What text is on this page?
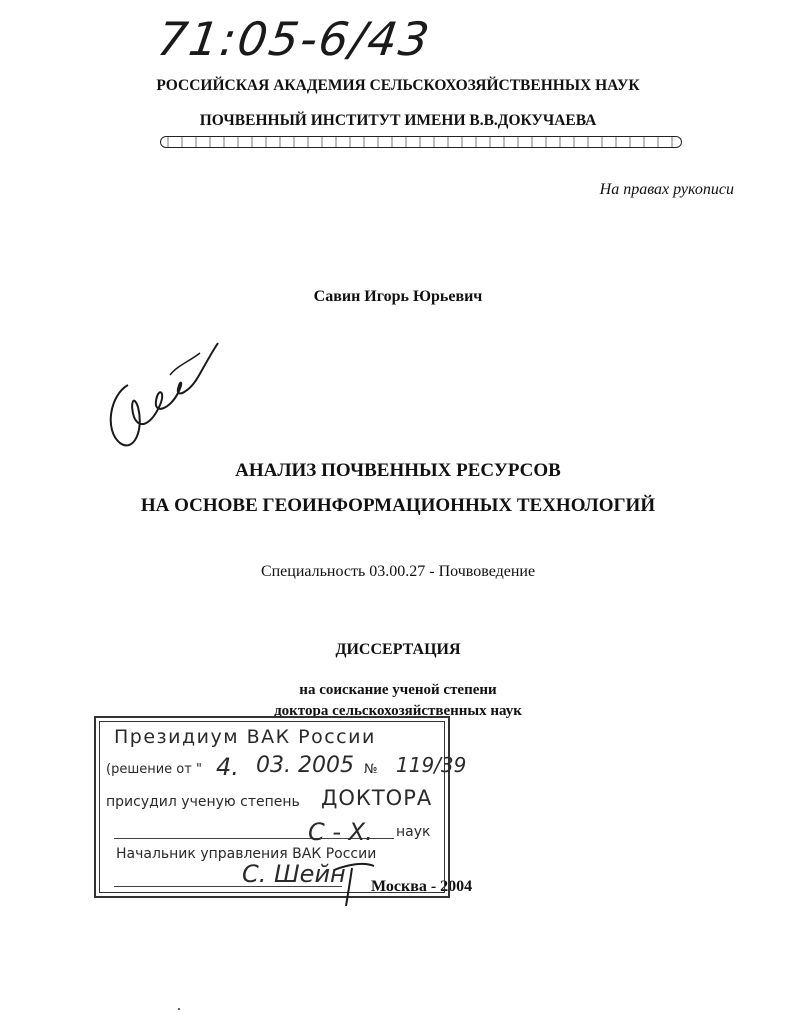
71:05-6/43
РОССИЙСКАЯ АКАДЕМИЯ СЕЛЬСКОХОЗЯЙСТВЕННЫХ НАУК
ПОЧВЕННЫЙ ИНСТИТУТ ИМЕНИ В.В.ДОКУЧАЕВА
На правах рукописи
Савин Игорь Юрьевич
АНАЛИЗ ПОЧВЕННЫХ РЕСУРСОВ
НА ОСНОВЕ ГЕОИНФОРМАЦИОННЫХ ТЕХНОЛОГИЙ
Специальность 03.00.27 - Почвоведение
ДИССЕРТАЦИЯ
на соискание ученой степени
доктора сельскохозяйственных наук
Москва - 2004
Президиум ВАК России
(решение от " 4. 03. 2005 № 119/39
присудил ученую степень ДОКТОРА
С - Х. наук
Начальник управления ВАК России
С. Шейн
